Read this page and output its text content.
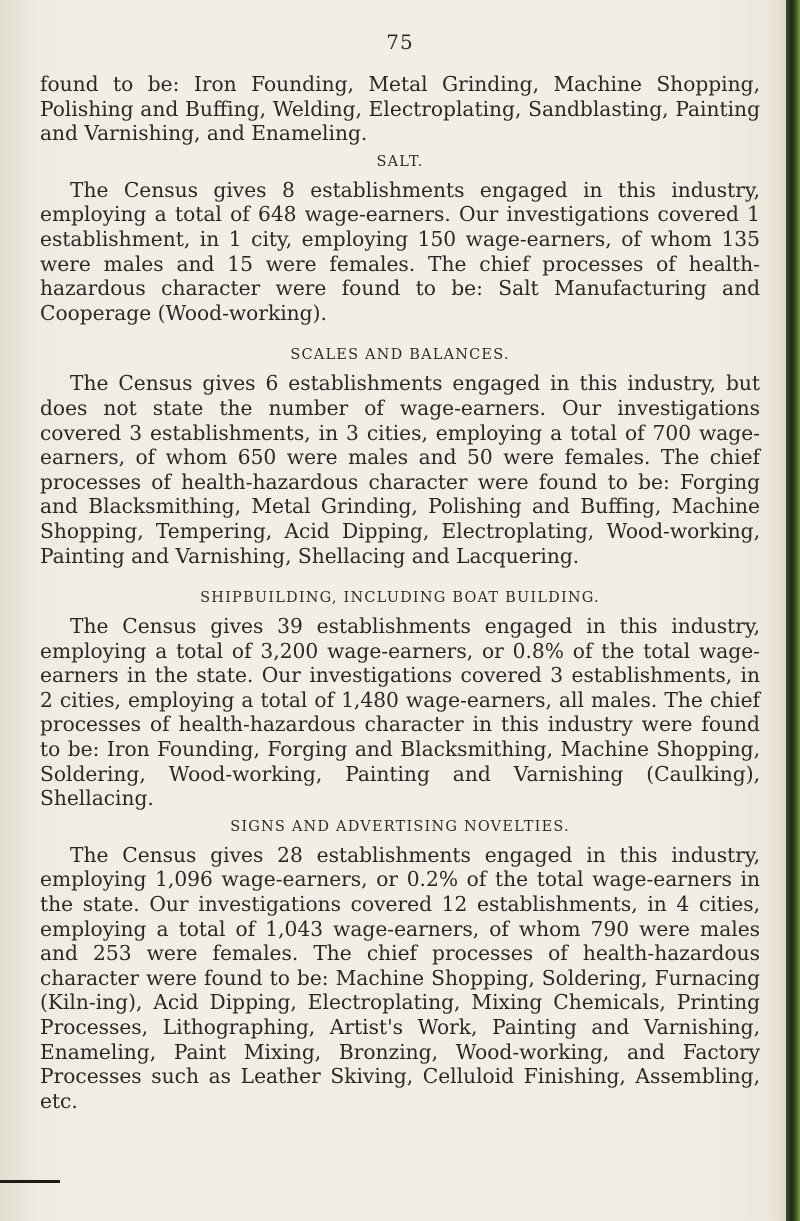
75

found to be: Iron Founding, Metal Grinding, Machine Shopping, Polishing and Buffing, Welding, Electroplating, Sandblasting, Painting and Varnishing, and Enameling.

SALT.

The Census gives 8 establishments engaged in this industry, employing a total of 648 wage-earners. Our investigations covered 1 establishment, in 1 city, employing 150 wage-earners, of whom 135 were males and 15 were females. The chief processes of health-hazardous character were found to be: Salt Manufacturing and Cooperage (Wood-working).

SCALES AND BALANCES.

The Census gives 6 establishments engaged in this industry, but does not state the number of wage-earners. Our investigations covered 3 establishments, in 3 cities, employing a total of 700 wage-earners, of whom 650 were males and 50 were females. The chief processes of health-hazardous character were found to be: Forging and Blacksmithing, Metal Grinding, Polishing and Buffing, Machine Shopping, Tempering, Acid Dipping, Electroplating, Wood-working, Painting and Varnishing, Shellacing and Lacquering.

SHIPBUILDING, INCLUDING BOAT BUILDING.

The Census gives 39 establishments engaged in this industry, employing a total of 3,200 wage-earners, or 0.8% of the total wage-earners in the state. Our investigations covered 3 establishments, in 2 cities, employing a total of 1,480 wage-earners, all males. The chief processes of health-hazardous character in this industry were found to be: Iron Founding, Forging and Blacksmithing, Machine Shopping, Soldering, Wood-working, Painting and Varnishing (Caulking), Shellacing.

SIGNS AND ADVERTISING NOVELTIES.

The Census gives 28 establishments engaged in this industry, employing 1,096 wage-earners, or 0.2% of the total wage-earners in the state. Our investigations covered 12 establishments, in 4 cities, employing a total of 1,043 wage-earners, of whom 790 were males and 253 were females. The chief processes of health-hazardous character were found to be: Machine Shopping, Soldering, Furnacing (Kiln-ing), Acid Dipping, Electroplating, Mixing Chemicals, Printing Processes, Lithographing, Artist's Work, Painting and Varnishing, Enameling, Paint Mixing, Bronzing, Wood-working, and Factory Processes such as Leather Skiving, Celluloid Finishing, Assembling, etc.
